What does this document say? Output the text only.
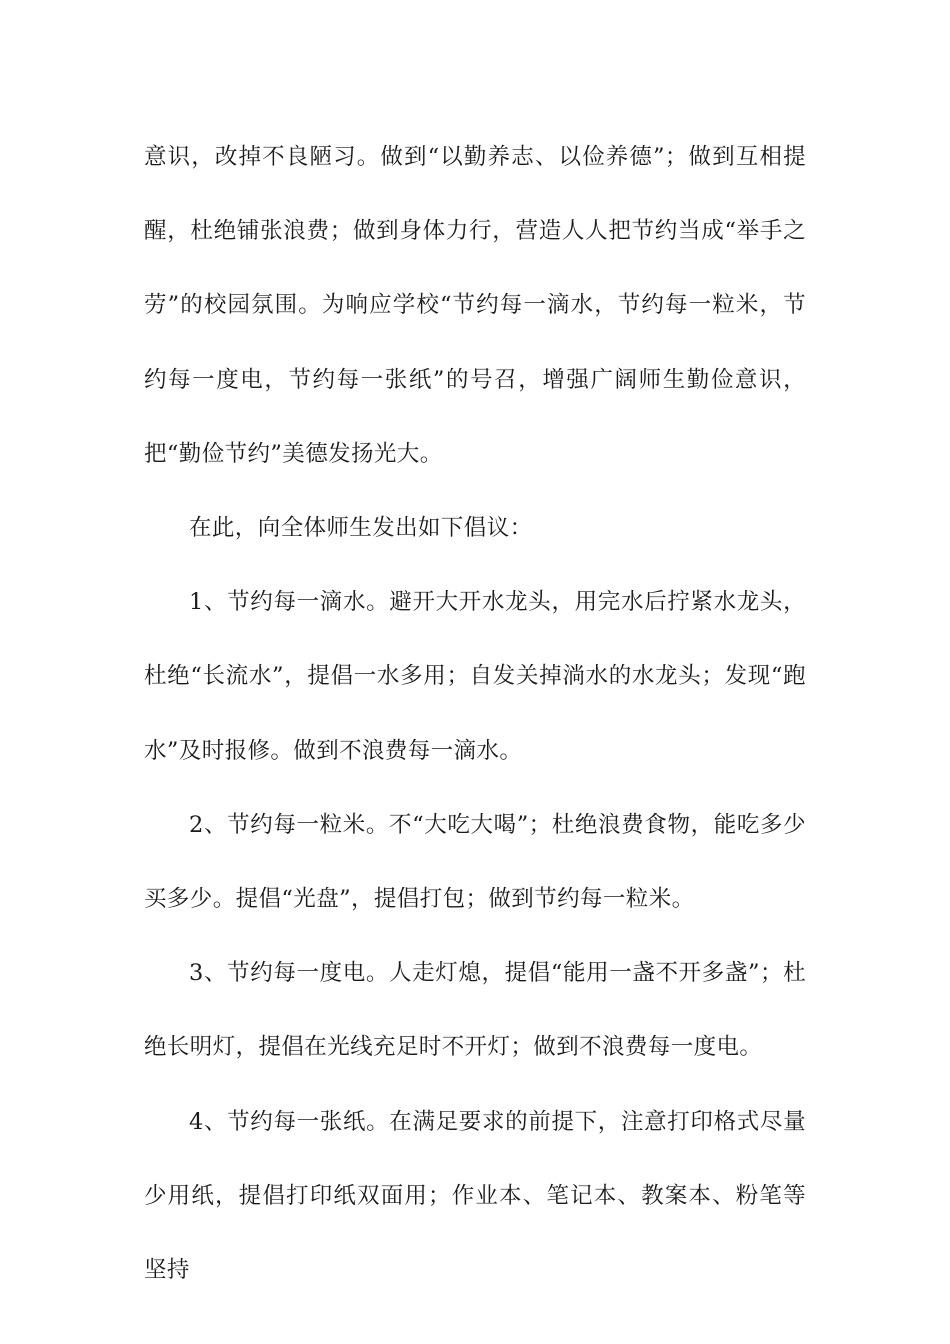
意识，改掉不良陋习。做到“以勤养志、以俭养德”；做到互相提醒，杜绝铺张浪费；做到身体力行，营造人人把节约当成“举手之劳”的校园氛围。为响应学校“节约每一滴水，节约每一粒米，节约每一度电，节约每一张纸”的号召，增强广阔师生勤俭意识，把“勤俭节约”美德发扬光大。

在此，向全体师生发出如下倡议：

1、节约每一滴水。避开大开水龙头，用完水后拧紧水龙头，杜绝“长流水”，提倡一水多用；自发关掉淌水的水龙头；发现“跑水”及时报修。做到不浪费每一滴水。

2、节约每一粒米。不“大吃大喝”；杜绝浪费食物，能吃多少买多少。提倡“光盘”，提倡打包；做到节约每一粒米。

3、节约每一度电。人走灯熄，提倡“能用一盏不开多盏”；杜绝长明灯，提倡在光线充足时不开灯；做到不浪费每一度电。

4、节约每一张纸。在满足要求的前提下，注意打印格式尽量少用纸，提倡打印纸双面用；作业本、笔记本、教案本、粉笔等坚持
